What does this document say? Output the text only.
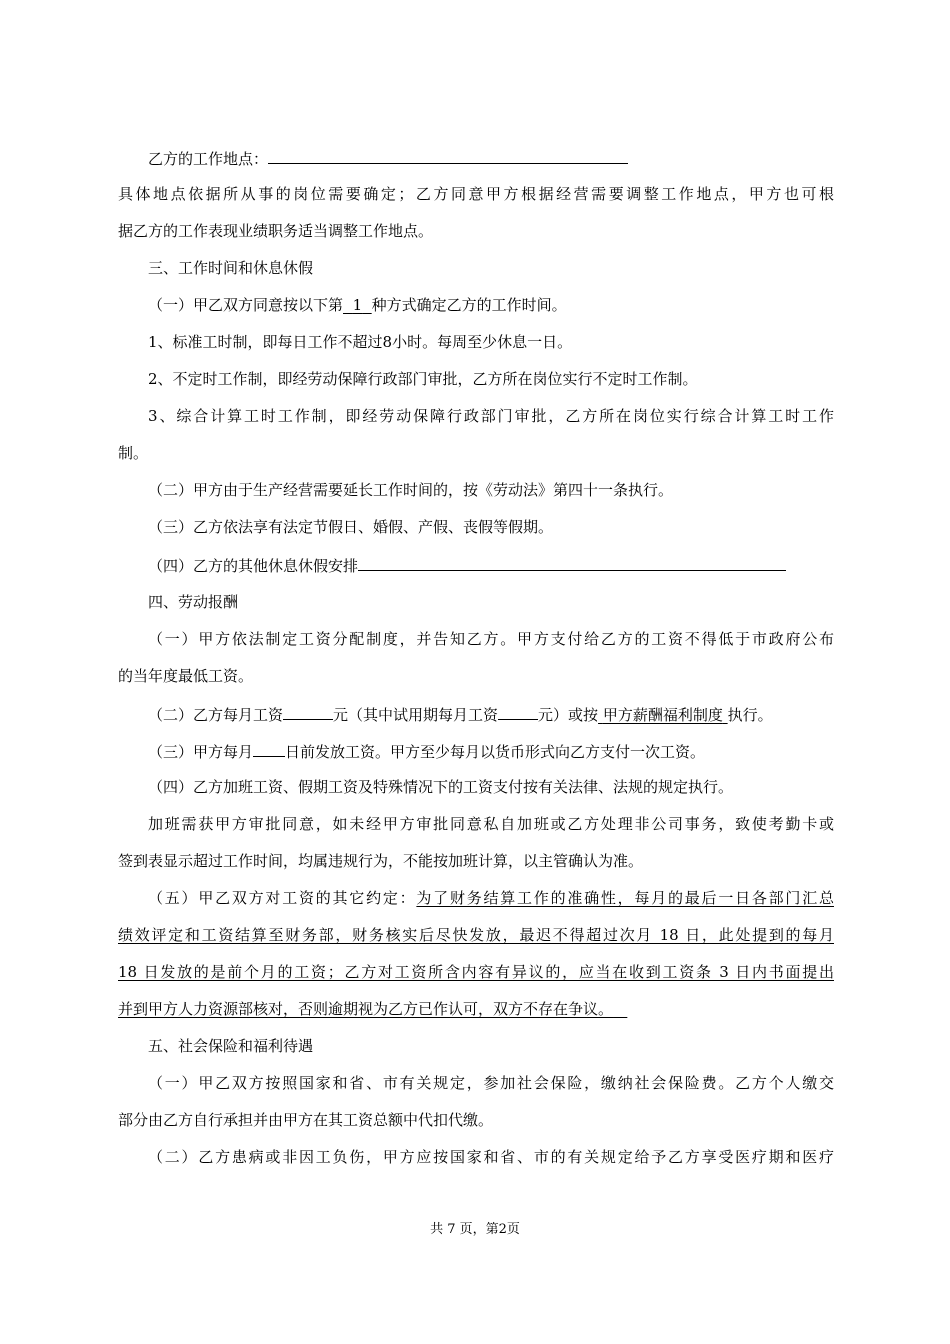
乙方的工作地点：
具体地点依据所从事的岗位需要确定；乙方同意甲方根据经营需要调整工作地点，甲方也可根
据乙方的工作表现业绩职务适当调整工作地点。
三、工作时间和休息休假
（一）甲乙双方同意按以下第 1 种方式确定乙方的工作时间。
1、标准工时制，即每日工作不超过8小时。每周至少休息一日。
2、不定时工作制，即经劳动保障行政部门审批，乙方所在岗位实行不定时工作制。
3、综合计算工时工作制，即经劳动保障行政部门审批，乙方所在岗位实行综合计算工时工作
制。
（二）甲方由于生产经营需要延长工作时间的，按《劳动法》第四十一条执行。
（三）乙方依法享有法定节假日、婚假、产假、丧假等假期。
（四）乙方的其他休息休假安排
四、劳动报酬
（一）甲方依法制定工资分配制度，并告知乙方。甲方支付给乙方的工资不得低于市政府公布
的当年度最低工资。
（二）乙方每月工资	元（其中试用期每月工资	元）或按 甲方薪酬福利制度 执行。
（三）甲方每月 日前发放工资。甲方至少每月以货币形式向乙方支付一次工资。
（四）乙方加班工资、假期工资及特殊情况下的工资支付按有关法律、法规的规定执行。
加班需获甲方审批同意，如未经甲方审批同意私自加班或乙方处理非公司事务，致使考勤卡或
签到表显示超过工作时间，均属违规行为，不能按加班计算，以主管确认为准。
（五）甲乙双方对工资的其它约定：为了财务结算工作的准确性，每月的最后一日各部门汇总
绩效评定和工资结算至财务部，财务核实后尽快发放，最迟不得超过次月 18 日，此处提到的每月
18 日发放的是前个月的工资；乙方对工资所含内容有异议的，应当在收到工资条 3 日内书面提出
并到甲方人力资源部核对，否则逾期视为乙方已作认可，双方不存在争议。
五、社会保险和福利待遇
（一）甲乙双方按照国家和省、市有关规定，参加社会保险，缴纳社会保险费。乙方个人缴交
部分由乙方自行承担并由甲方在其工资总额中代扣代缴。
（二）乙方患病或非因工负伤，甲方应按国家和省、市的有关规定给予乙方享受医疗期和医疗
共 7 页，第2页
